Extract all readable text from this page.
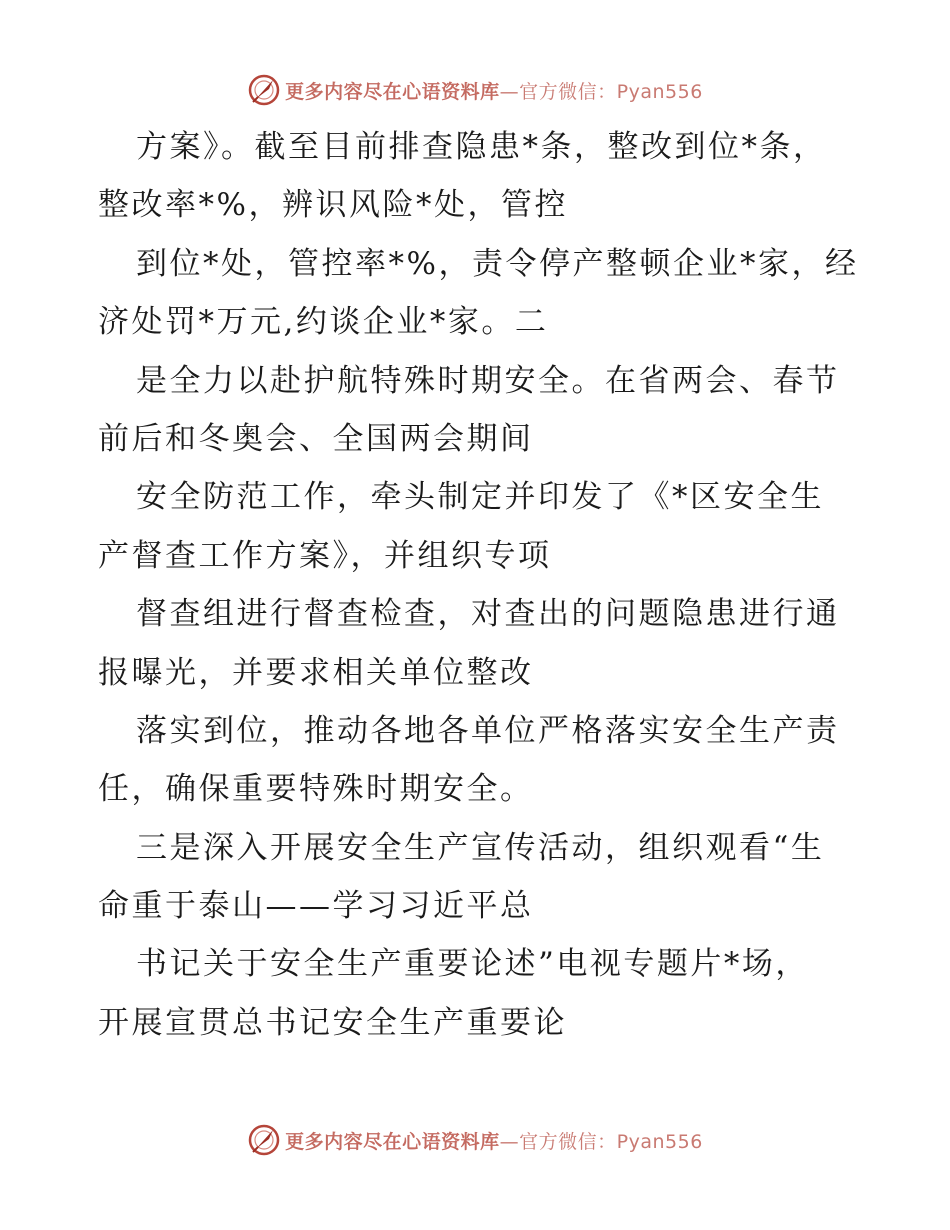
更多内容尽在心语资料库—官方微信：Pyan556
方案》。截至目前排查隐患*条，整改到位*条，
整改率*%，辨识风险*处，管控
到位*处，管控率*%，责令停产整顿企业*家，经
济处罚*万元,约谈企业*家。二
是全力以赴护航特殊时期安全。在省两会、春节
前后和冬奥会、全国两会期间
安全防范工作，牵头制定并印发了《*区安全生
产督查工作方案》，并组织专项
督查组进行督查检查，对查出的问题隐患进行通
报曝光，并要求相关单位整改
落实到位，推动各地各单位严格落实安全生产责
任，确保重要特殊时期安全。
三是深入开展安全生产宣传活动，组织观看“生
命重于泰山——学习习近平总
书记关于安全生产重要论述”电视专题片*场，
开展宣贯总书记安全生产重要论
更多内容尽在心语资料库—官方微信：Pyan556
